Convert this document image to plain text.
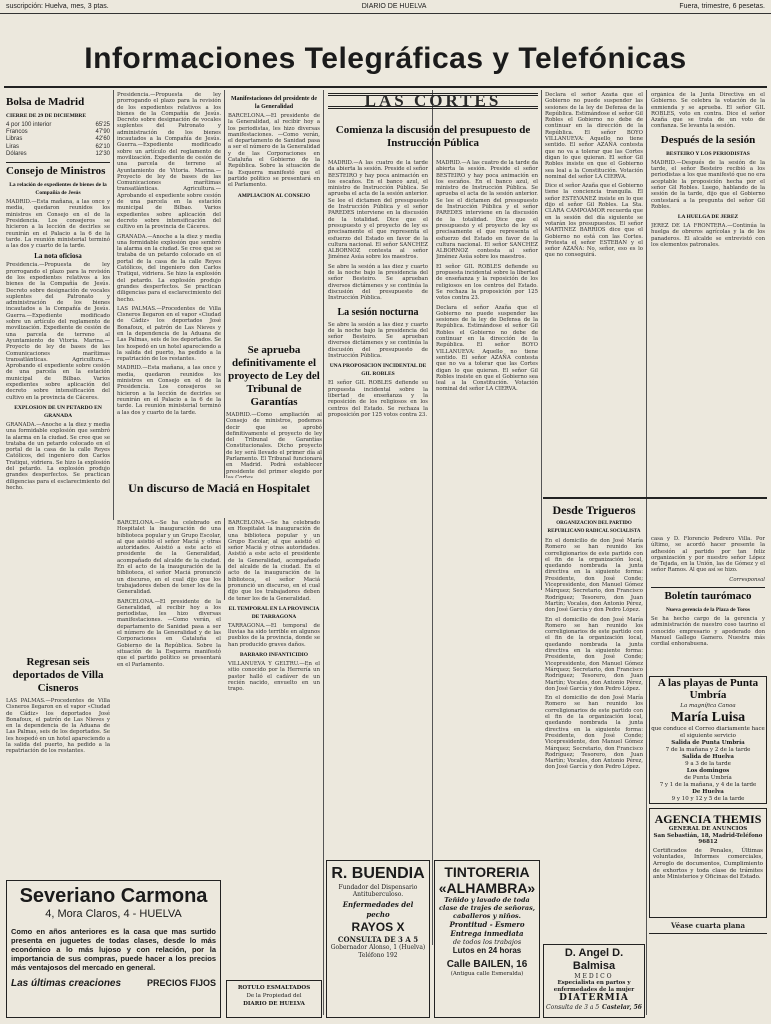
suscripción: Huelva, mes, 3 ptas.	DIARIO DE HUELVA	Fuera, trimestre, 6 pesetas.
Informaciones Telegráficas y Telefónicas
Bolsa de Madrid
CIERRE DE 29 DE DICIEMBRE
4 por 100 interior	65'25
Francos	47'90
Libras	42'60
Liras	62'10
Dólares	12'30
Consejo de Ministros
La relación de expedientes de bienes de la Compañía de Jesús

MADRID.—Esta mañana, a las once y media, quedaron reunidos los ministros en Consejo en el de la Presidencia. Los consejeros se hicieron a la lección de decirles se reunirán en el Palacio a la 6 de la tarde. La reunión ministerial terminó a las dos y cuarto de la tarde.

La nota oficiosa

Presidencia.—Propuesta de ley prorrogando el plazo para la revisión de los expedientes relativos a los bienes de la Compañía de Jesús. Decreto sobre designación de vocales suplentes del Patronato y administración de los bienes incautados a la Compañía de Jesús. Guerra.—Expediente modificado sobre un artículo del reglamento de movilización. Expediente de cesión de una parcela de terreno al Ayuntamiento de Vitoria. Marina.—Proyecto de ley de bases de las Comunicaciones marítimas transatlánticas. Agricultura.—Aprobando el expediente sobre cesión de una parcela en la estación municipal de Bilbao. Varios expedientes sobre aplicación del decreto sobre intensificación del cultivo en la provincia de Cáceres.

EXPLOSION DE UN PETARDO EN GRANADA

GRANADA.—Anoche a la diez y media una formidable explosión que sembró la alarma en la ciudad. Se cree que se trataba de un petardo colocado en el portal de la casa de la calle Reyes Católicos, del ingeniero don Carlos Tratiqui, vidriera. Se hizo la explosión del petardo. La explosión produjo grandes desperfectos. Se practican diligencias para el esclarecimiento del hecho.

Regresan seis deportados de Villa Cisneros

LAS PALMAS.—Procedentes de Villa Cisneros llegaron en el vapor «Ciudad de Cádiz» los deportados José Bonafoux, el patrón de Las Nieves y en la dependencia de la Aduana de Las Palmas, seis de los deportados. Se les hospedó en un hotel apareciendo a la salida del puerto, ha pedido a la repatriación de los restantes.

Presidencia.—Propuesta de ley prorrogando el plazo para la revisión de los expedientes relativos a los bienes de la Compañía de Jesús. Decreto sobre designación de vocales suplentes del Patronato y administración de los bienes incautados a la Compañía de Jesús. Guerra.—Expediente modificado sobre un artículo del reglamento de movilización. Expediente de cesión de una parcela de terreno al Ayuntamiento de Vitoria. Marina.—Proyecto de ley de bases de las Comunicaciones marítimas transatlánticas. Agricultura.—Aprobando el expediente sobre cesión de una parcela en la estación municipal de Bilbao. Varios expedientes sobre aplicación del decreto sobre intensificación del cultivo en la provincia de Cáceres.

GRANADA.—Anoche a la diez y media una formidable explosión que sembró la alarma en la ciudad. Se cree que se trataba de un petardo colocado en el portal de la casa de la calle Reyes Católicos, del ingeniero don Carlos Tratiqui, vidriera. Se hizo la explosión del petardo. La explosión produjo grandes desperfectos. Se practican diligencias para el esclarecimiento del hecho.

LAS PALMAS.—Procedentes de Villa Cisneros llegaron en el vapor «Ciudad de Cádiz» los deportados José Bonafoux, el patrón de Las Nieves y en la dependencia de la Aduana de Las Palmas, seis de los deportados. Se les hospedó en un hotel apareciendo a la salida del puerto, ha pedido a la repatriación de los restantes.

MADRID.—Esta mañana, a las once y media, quedaron reunidos los ministros en Consejo en el de la Presidencia. Los consejeros se hicieron a la lección de decirles se reunirán en el Palacio a la 6 de la tarde. La reunión ministerial terminó a las dos y cuarto de la tarde.

Manifestaciones del presidente de la Generalidad

BARCELONA.—El presidente de la Generalidad, al recibir hoy a los periodistas, les hizo diversas manifestaciones. —Como verán, el departamento de Sanidad pasa a ser el número de la Generalidad y de las Corporaciones en Cataluña el Gobierno de la República. Sobre la situación de la Esquerra manifestó que el partido político se presentará en el Parlamento.

AMPLIACION AL CONSEJO
Se aprueba definitivamente el proyecto de Ley del Tribunal de Garantías

MADRID.—Como ampliación al Consejo de ministros, podemos decir que se aprobó definitivamente el proyecto de ley del Tribunal de Garantías Constitucionales. Dicho proyecto de ley será llevado el primer día al Parlamento. El Tribunal funcionará en Madrid. Podrá establecer presidente del primer elegido por

Un discurso de Maciá en Hospitalet

BARCELONA.—Se ha celebrado en Hospitalet la inauguración de una biblioteca popular y un Grupo Escolar, al que asistió el señor Maciá y otras autoridades. Asistió a este acto el presidente de la Generalidad, acompañado del alcalde de la ciudad. En el acto de la inauguración de la biblioteca, el señor Maciá pronunció un discurso, en el cual dijo que los trabajadores deben de tener los de la Generalidad.

BARCELONA.—El presidente de la Generalidad, al recibir hoy a los periodistas, les hizo diversas manifestaciones. —Como verán, el departamento de Sanidad pasa a ser el número de la Generalidad y de las Corporaciones en Cataluña el Gobierno de la República. Sobre la situación de la Esquerra manifestó que el partido político se presentará en el Parlamento.

BARCELONA.—Se ha celebrado en Hospitalet la inauguración de una biblioteca popular y un Grupo Escolar, al que asistió el señor Maciá y otras autoridades. Asistió a este acto el presidente de la Generalidad, acompañado del alcalde de la ciudad. En el acto de la inauguración de la biblioteca, el señor Maciá pronunció un discurso, en el cual dijo que los trabajadores deben de tener los de la Generalidad.

EL TEMPORAL EN LA PROVINCIA DE TARRAGONA

TARRAGONA.—El temporal de lluvias ha sido terrible en algunos pueblos de la provincia, donde se han producido graves daños.

BARBARO INFANTICIDIO

VILLANUEVA Y GELTRU.—En el sitio conocido por la Herrería un pastor halló el cadáver de un recién nacido, envuelto en un trapo.

LAS CORTES
Comienza la discusión del presupuesto de Instrucción Pública

MADRID.—A las cuatro de la tarde da abierta la sesión. Preside el señor BESTEIRO y hay poca animación en los escaños. En el banco azul, el ministro de Instrucción Pública. Se aprueba el acta de la sesión anterior. Se lee el dictamen del presupuesto de Instrucción Pública y el señor PAREDES interviene en la discusión de la totalidad. Dice que el presupuesto y el proyecto de ley es precisamente el que representa el esfuerzo del Estado en favor de la cultura nacional. El señor SANCHEZ ALBORNOZ contesta al señor Jiménez Asúa sobre los maestros.

Se abre la sesión a las diez y cuarto de la noche bajo la presidencia del señor Besteiro. Se aprueban diversos dictámenes y se continúa la discusión del presupuesto de Instrucción Pública.

La sesión nocturna

Se abre la sesión a las diez y cuarto de la noche bajo la presidencia del señor Besteiro. Se aprueban diversos dictámenes y se continúa la discusión del presupuesto de Instrucción Pública.

UNA PROPOSICION INCIDENTAL DE GIL ROBLES

El señor GIL ROBLES defiende su propuesta incidental sobre la libertad de enseñanza y la reposición de los religiosos en los centros del Estado. Se rechaza la proposición por 125 votos contra 23.

MADRID.—A las cuatro de la tarde da abierta la sesión. Preside el señor BESTEIRO y hay poca animación en los escaños. En el banco azul, el ministro de Instrucción Pública. Se aprueba el acta de la sesión anterior. Se lee el dictamen del presupuesto de Instrucción Pública y el señor PAREDES interviene en la discusión de la totalidad. Dice que el presupuesto y el proyecto de ley es precisamente el que representa el esfuerzo del Estado en favor de la cultura nacional. El señor SANCHEZ ALBORNOZ contesta al señor Jiménez Asúa sobre los maestros.

El señor GIL ROBLES defiende su propuesta incidental sobre la libertad de enseñanza y la reposición de los religiosos en los centros del Estado. Se rechaza la proposición por 125 votos contra 23.

Declara el señor Azaña que el Gobierno no puede suspender las sesiones de la ley de Defensa de la República. Estimándose el señor Gil Robles el Gobierno no debe de continuar en la dirección de la República. El señor BOYO VILLANUEVA: Aquello no tiene sentido. El señor AZAÑA contesta que no va a tolerar que las Cortes digan lo que quieran. El señor Gil Robles insiste en que el Gobierno sea leal a la Constitución. Votación nominal del señor LA CIERVA.

Declara el señor Azaña que el Gobierno no puede suspender las sesiones de la ley de Defensa de la República. Estimándose el señor Gil Robles el Gobierno no debe de continuar en la dirección de la República. El señor BOYO VILLANUEVA: Aquello no tiene sentido. El señor AZAÑA contesta que no va a tolerar que las Cortes digan lo que quieran. El señor Gil Robles insiste en que el Gobierno sea leal a la Constitución. Votación nominal del señor LA CIERVA.

Dice el señor Azaña que el Gobierno tiene la conciencia tranquila. El señor ESTEVANEZ insiste en lo que dijo el señor Gil Robles. La Sta. CLARA CAMPOAMOR recuerda que en la sesión del día siguiente se votarán los presupuestos. El señor MARTINEZ BARRIOS dice que el Gobierno no está con las Cortes. Protesta el señor ESTEBAN y el señor AZAÑA: No, señor, eso es lo que no conseguirá.

orgánica de la Junta Directiva en el Gobierno. Se celebra la votación de la enmienda y se aprueba. El señor GIL ROBLES, voto en contra. Dice el señor Azaña que se trata de un voto de confianza. Se levanta la sesión.

Después de la sesión
BESTEIRO Y LOS PERIODISTAS

MADRID.—Después de la sesión de la tarde, el señor Besteiro recibió a los periodistas a los que manifestó que no era aceptable la proposición hecha por el señor Gil Robles. Luego, hablando de la sesión de la tarde, dijo que el Gobierno contestará a la pregunta del señor Gil Robles.

LA HUELGA DE JEREZ

JEREZ DE LA FRONTERA.—Continúa la huelga de obreros agrícolas y la de los panaderos. El alcalde se entrevistó con los elementos patronales.

Desde Trigueros
ORGANIZACION DEL PARTIDO REPUBLICANO RADICAL SOCIALISTA

En el domicilio de don José María Romero se han reunido los correligionarios de este partido con el fin de la organización local, quedando nombrada la junta directiva en la siguiente forma: Presidente, don José Conde; Vicepresidente, don Manuel Gómez Márquez; Secretario, don Francisco Rodríguez; Tesorero, don Juan Martín; Vocales, don Antonio Pérez, don José García y don Pedro López.

En el domicilio de don José María Romero se han reunido los correligionarios de este partido con el fin de la organización local, quedando nombrada la junta directiva en la siguiente forma: Presidente, don José Conde; Vicepresidente, don Manuel Gómez Márquez; Secretario, don Francisco Rodríguez; Tesorero, don Juan Martín; Vocales, don Antonio Pérez, don José García y don Pedro López.

En el domicilio de don José María Romero se han reunido los correligionarios de este partido con el fin de la organización local, quedando nombrada la junta directiva en la siguiente forma: Presidente, don José Conde; Vicepresidente, don Manuel Gómez Márquez; Secretario, don Francisco Rodríguez; Tesorero, don Juan Martín; Vocales, don Antonio Pérez, don José García y don Pedro López.

casa y D. Florencio Pedrero Villa. Por último, se acordó hacer presente la adhesión al partido por tan feliz organización y por nuestro señor López de Tejada, en la Unión, las de Gómez y el señor Ramos. Al que así se hizo.

Corresponsal

Boletín taurómaco
Nueva gerencia de la Plaza de Toros

Se ha hecho cargo de la gerencia y administración de nuestro coso taurino el conocido empresario y apoderado don Manuel Gallego Gamero. Nuestra más cordial enhorabuena.

A las playas de Punta Umbría
La magnífica Canoa
María Luisa
que conduce el Correo diariamente hace el siguiente servicio
Salida de Punta Umbría
7 de la mañana y 2 de la tarde
Salida de Huelva
9 a 3 de la tarde
Los domingos
de Punta Umbría
7 y 1 de la mañana, y 4 de la tarde
De Huelva
9 y 10 y 12 y 5 de la tarde
AGENCIA THEMIS
GENERAL DE ANUNCIOS
San Sebastián, 18, Madrid-Teléfono 96812
Certificados de Penales, Últimas voluntades, Informes comerciales, Arreglo de documentos, Cumplimiento de exhortos y toda clase de trámites ante Ministerios y Oficinas del Estado.
Véase cuarta plana
Severiano Carmona
4, Mora Claros, 4 - HUELVA
Como en años anteriores es la casa que mas surtido presenta en juguetes de todas clases, desde lo más económico a lo más lujoso y con relación, por la importancia de sus compras, puede hacer a los precios más ventajosos del mercado en general.
Las últimas creaciones	PRECIOS FIJOS	ROTULO ESMALTADOS
De la Propiedad del
DIARIO DE HUELVA
R. BUENDIA
Fundador del Dispensario Antituberculoso.
Enfermedades del pecho
RAYOS X
CONSULTA DE 3 A 5
Gobernador Alonso, 1 (Huelva)
Teléfono 192
TINTORERIA
«ALHAMBRA»
Teñido y lavado de toda clase de trajes de señoras, caballeros y niños.
Prontitud - Esmero
Entrega inmediata
de todos los trabajos
Lutos en 24 horas
Calle BAILEN, 16
(Antigua calle Esmeralda)
D. Angel D. Balmisa
MEDICO
Especialista en partos y enfermedades de la mujer
DIATERMIA
Consulta de 3 a 5 Castelar, 56
